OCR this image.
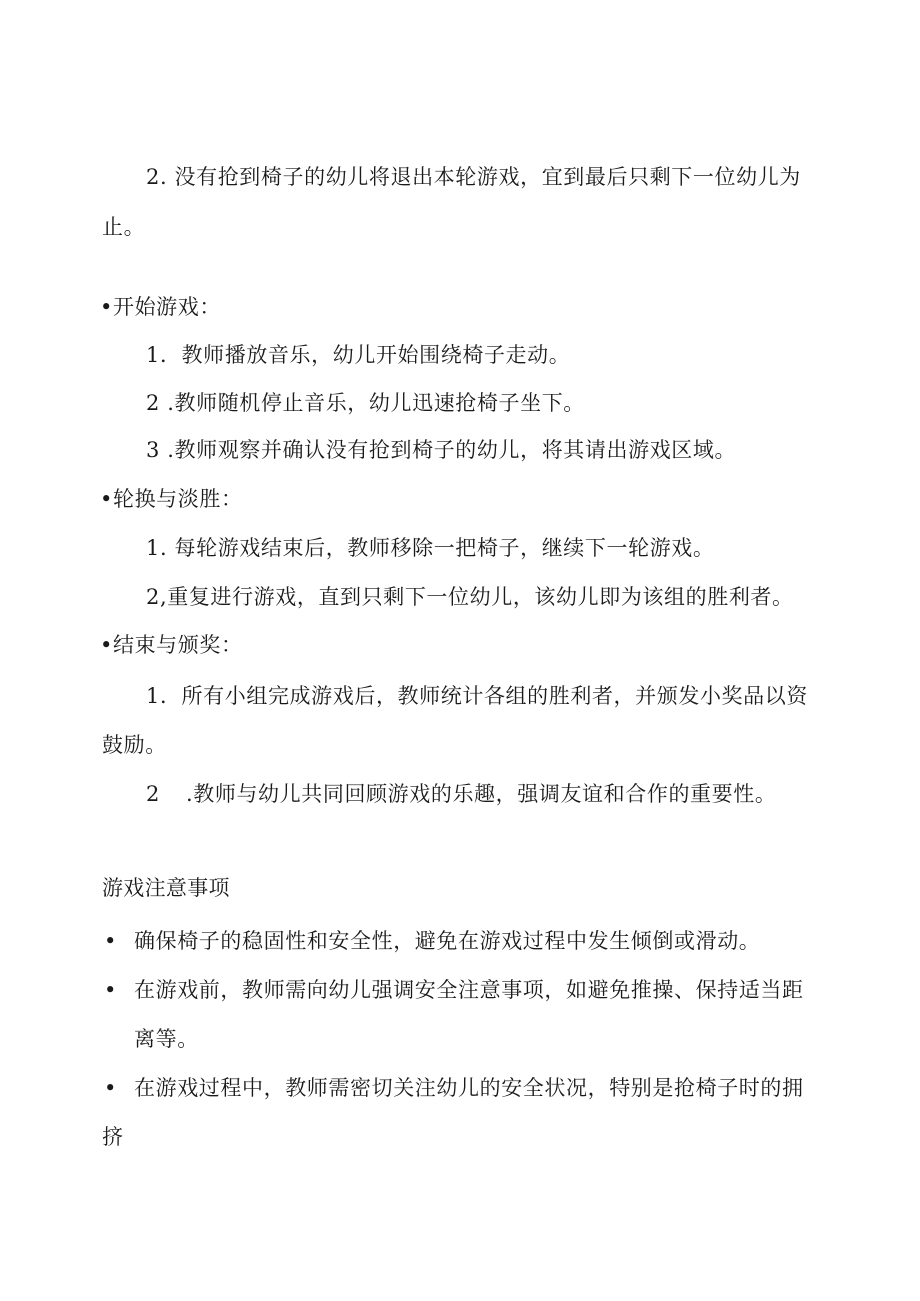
2. 没有抢到椅子的幼儿将退出本轮游戏，宜到最后只剩下一位幼儿为
止。
•开始游戏：
1．教师播放音乐，幼儿开始围绕椅子走动。
2 .教师随机停止音乐，幼儿迅速抢椅子坐下。
3 .教师观察并确认没有抢到椅子的幼儿，将其请出游戏区域。
•轮换与淡胜：
1. 每轮游戏结束后，教师移除一把椅子，继续下一轮游戏。
2,重复进行游戏，直到只剩下一位幼儿，该幼儿即为该组的胜利者。
•结束与颁奖：
1．所有小组完成游戏后，教师统计各组的胜利者，并颁发小奖品以资
鼓励。
2 .教师与幼儿共同回顾游戏的乐趣，强调友谊和合作的重要性。
游戏注意事项
• 确保椅子的稳固性和安全性，避免在游戏过程中发生倾倒或滑动。
• 在游戏前，教师需向幼儿强调安全注意事项，如避免推操、保持适当距
离等。
• 在游戏过程中，教师需密切关注幼儿的安全状况，特别是抢椅子时的拥
挤
